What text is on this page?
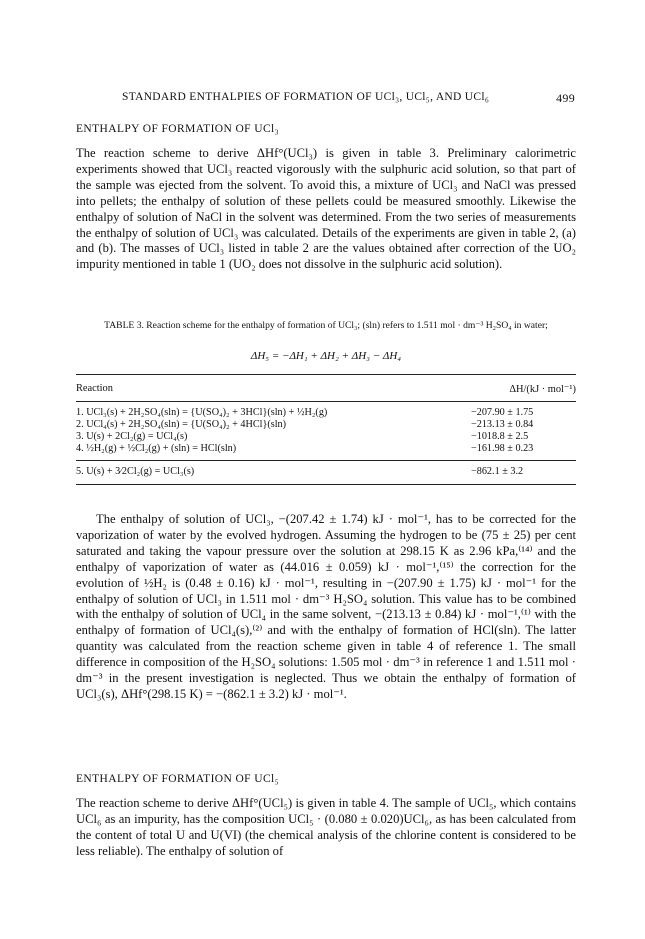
STANDARD ENTHALPIES OF FORMATION OF UCl₃, UCl₅, AND UCl₆	499
ENTHALPY OF FORMATION OF UCl₃

The reaction scheme to derive ΔHf°(UCl₃) is given in table 3. Preliminary calorimetric experiments showed that UCl₃ reacted vigorously with the sulphuric acid solution, so that part of the sample was ejected from the solvent. To avoid this, a mixture of UCl₃ and NaCl was pressed into pellets; the enthalpy of solution of these pellets could be measured smoothly. Likewise the enthalpy of solution of NaCl in the solvent was determined. From the two series of measurements the enthalpy of solution of UCl₃ was calculated. Details of the experiments are given in table 2, (a) and (b). The masses of UCl₃ listed in table 2 are the values obtained after correction of the UO₂ impurity mentioned in table 1 (UO₂ does not dissolve in the sulphuric acid solution).

TABLE 3. Reaction scheme for the enthalpy of formation of UCl₃; (sln) refers to 1.511 mol · dm⁻³ H₂SO₄ in water;
ΔH₅ = −ΔH₁ + ΔH₂ + ΔH₃ − ΔH₄
Reaction	ΔH/(kJ · mol⁻¹)
1. UCl₃(s) + 2H₂SO₄(sln) = {U(SO₄)₂ + 3HCl}(sln) + ½H₂(g)	−207.90 ± 1.75
2. UCl₄(s) + 2H₂SO₄(sln) = {U(SO₄)₂ + 4HCl}(sln)	−213.13 ± 0.84
3. U(s) + 2Cl₂(g) = UCl₄(s)	−1018.8 ± 2.5
4. ½H₂(g) + ½Cl₂(g) + (sln) = HCl(sln)	−161.98 ± 0.23
5. U(s) + 3⁄2Cl₂(g) = UCl₃(s)	−862.1 ± 3.2

The enthalpy of solution of UCl₃, −(207.42 ± 1.74) kJ · mol⁻¹, has to be corrected for the vaporization of water by the evolved hydrogen. Assuming the hydrogen to be (75 ± 25) per cent saturated and taking the vapour pressure over the solution at 298.15 K as 2.96 kPa,⁽¹⁴⁾ and the enthalpy of vaporization of water as (44.016 ± 0.059) kJ · mol⁻¹,⁽¹⁵⁾ the correction for the evolution of ½H₂ is (0.48 ± 0.16) kJ · mol⁻¹, resulting in −(207.90 ± 1.75) kJ · mol⁻¹ for the enthalpy of solution of UCl₃ in 1.511 mol · dm⁻³ H₂SO₄ solution. This value has to be combined with the enthalpy of solution of UCl₄ in the same solvent, −(213.13 ± 0.84) kJ · mol⁻¹,⁽¹⁾ with the enthalpy of formation of UCl₄(s),⁽²⁾ and with the enthalpy of formation of HCl(sln). The latter quantity was calculated from the reaction scheme given in table 4 of reference 1. The small difference in composition of the H₂SO₄ solutions: 1.505 mol · dm⁻³ in reference 1 and 1.511 mol · dm⁻³ in the present investigation is neglected. Thus we obtain the enthalpy of formation of UCl₃(s), ΔHf°(298.15 K) = −(862.1 ± 3.2) kJ · mol⁻¹.

ENTHALPY OF FORMATION OF UCl₅

The reaction scheme to derive ΔHf°(UCl₅) is given in table 4. The sample of UCl₅, which contains UCl₆ as an impurity, has the composition UCl₅ · (0.080 ± 0.020)UCl₆, as has been calculated from the content of total U and U(VI) (the chemical analysis of the chlorine content is considered to be less reliable). The enthalpy of solution of
